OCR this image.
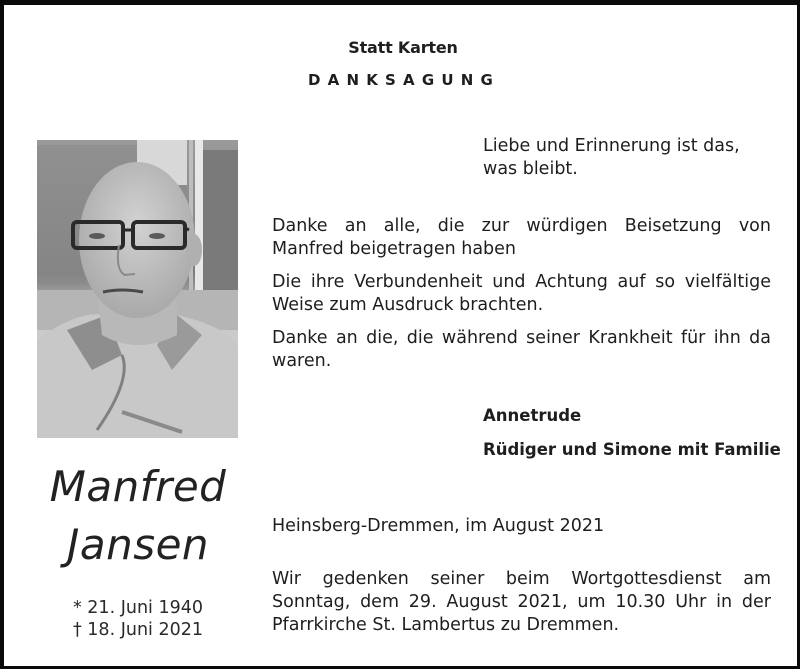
Statt Karten
DANKSAGUNG
Manfred
Jansen
* 21. Juni 1940
† 18. Juni 2021
Liebe und Erinnerung ist das,
was bleibt.
Danke an alle, die zur würdigen Beisetzung von
Manfred beigetragen haben
Die ihre Verbundenheit und Achtung auf so vielfältige Weise zum Ausdruck brachten.
Danke an die, die während seiner Krankheit für ihn da waren.
Annetrude
Rüdiger und Simone mit Familie
Heinsberg-Dremmen, im August 2021
Wir gedenken seiner beim Wortgottesdienst am
Sonntag, dem 29. August 2021, um 10.30 Uhr in der
Pfarrkirche St. Lambertus zu Dremmen.
